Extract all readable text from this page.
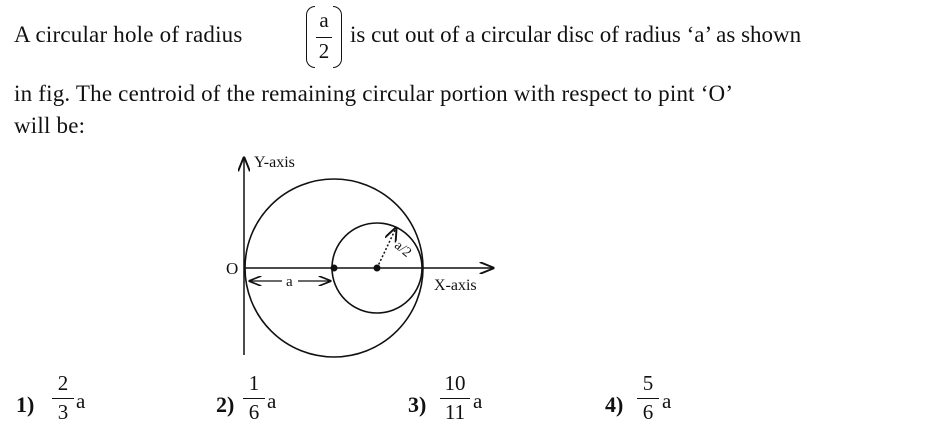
A circular hole of radius
a
2
is cut out of a circular disc of radius ‘a’ as shown
in fig. The centroid of the remaining circular portion with respect to pint ‘O’
will be:
Y-axis
X-axis
O
a
a/2
1)
2
3 a	2)
1
6 a	3)
10
11 a	4)
5
6 a
